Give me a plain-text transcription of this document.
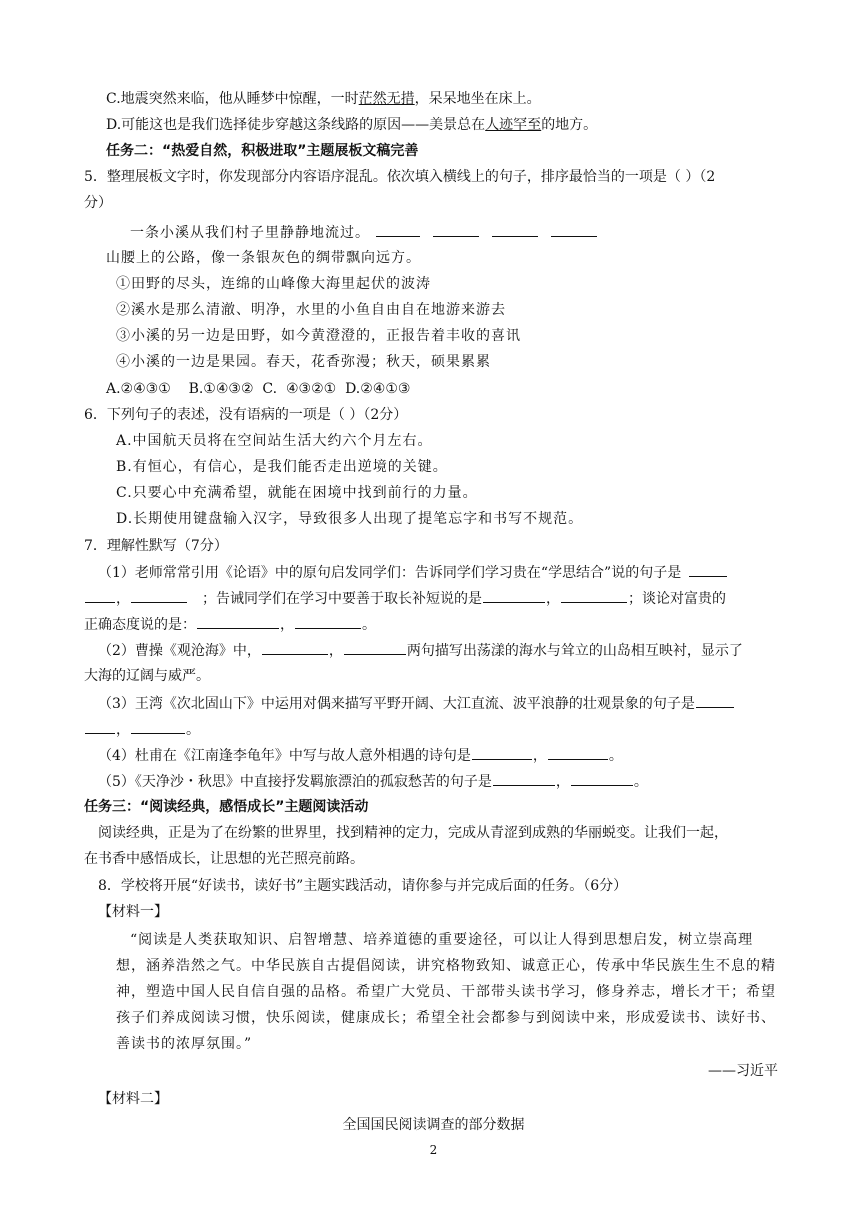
C.地震突然来临，他从睡梦中惊醒，一时茫然无措，呆呆地坐在床上。
D.可能这也是我们选择徒步穿越这条线路的原因——美景总在人迹罕至的地方。
任务二：“热爱自然，积极进取”主题展板文稿完善
5．整理展板文字时，你发现部分内容语序混乱。依次填入横线上的句子，排序最恰当的一项是（ ）（2
分）
一条小溪从我们村子里静静地流过。
山腰上的公路，像一条银灰色的绸带飘向远方。
①田野的尽头，连绵的山峰像大海里起伏的波涛
②溪水是那么清澈、明净，水里的小鱼自由自在地游来游去
③小溪的另一边是田野，如今黄澄澄的，正报告着丰收的喜讯
④小溪的一边是果园。春天，花香弥漫；秋天，硕果累累
A.②④③①    B.①④③②  C.  ④③②①  D.②④①③
6．下列句子的表述，没有语病的一项是（ ）（2分）
A.中国航天员将在空间站生活大约六个月左右。
B.有恒心，有信心，是我们能否走出逆境的关键。
C.只要心中充满希望，就能在困境中找到前行的力量。
D.长期使用键盘输入汉字，导致很多人出现了提笔忘字和书写不规范。
7．理解性默写（7分）
（1）老师常常引用《论语》中的原句启发同学们：告诉同学们学习贵在“学思结合”说的句子是
，	；告诫同学们在学习中要善于取长补短说的是	，	；谈论对富贵的
正确态度说的是：	，	。
（2）曹操《观沧海》中，	，	两句描写出荡漾的海水与耸立的山岛相互映衬，显示了
大海的辽阔与威严。
（3）王湾《次北固山下》中运用对偶来描写平野开阔、大江直流、波平浪静的壮观景象的句子是
，	。
（4）杜甫在《江南逢李龟年》中写与故人意外相遇的诗句是	，	。
（5）《天净沙・秋思》中直接抒发羁旅漂泊的孤寂愁苦的句子是	，	。
任务三：“阅读经典，感悟成长”主题阅读活动
阅读经典，正是为了在纷繁的世界里，找到精神的定力，完成从青涩到成熟的华丽蜕变。让我们一起，
在书香中感悟成长，让思想的光芒照亮前路。
8．学校将开展“好读书，读好书”主题实践活动，请你参与并完成后面的任务。（6分）
【材料一】
“阅读是人类获取知识、启智增慧、培养道德的重要途径，可以让人得到思想启发，树立崇高理
想，涵养浩然之气。中华民族自古提倡阅读，讲究格物致知、诚意正心，传承中华民族生生不息的精
神，塑造中国人民自信自强的品格。希望广大党员、干部带头读书学习，修身养志，增长才干；希望
孩子们养成阅读习惯，快乐阅读，健康成长；希望全社会都参与到阅读中来，形成爱读书、读好书、
善读书的浓厚氛围。”
——习近平
【材料二】
全国国民阅读调查的部分数据
2
